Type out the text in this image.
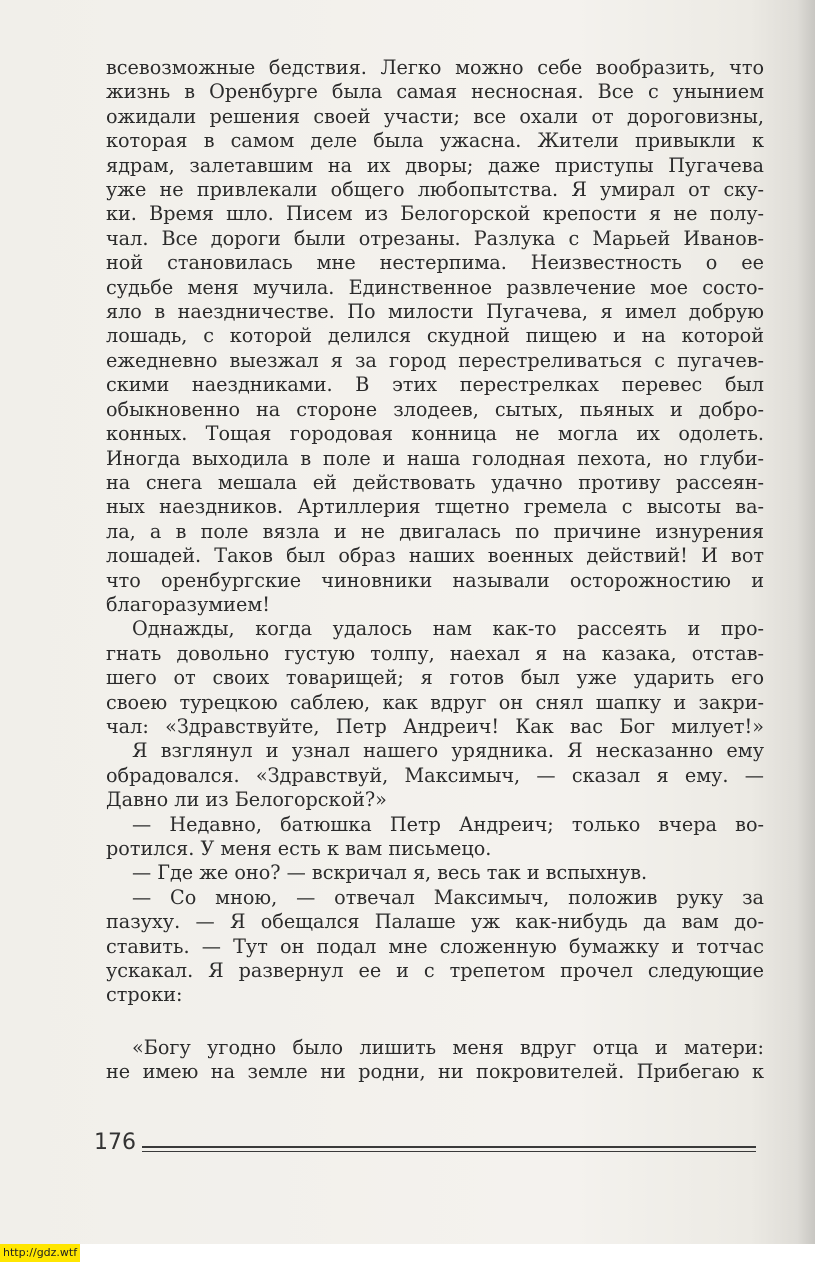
всевозможные бедствия. Легко можно себе вообразить, что
жизнь в Оренбурге была самая несносная. Все с унынием
ожидали решения своей участи; все охали от дороговизны,
которая в самом деле была ужасна. Жители привыкли к
ядрам, залетавшим на их дворы; даже приступы Пугачева
уже не привлекали общего любопытства. Я умирал от ску-
ки. Время шло. Писем из Белогорской крепости я не полу-
чал. Все дороги были отрезаны. Разлука с Марьей Иванов-
ной становилась мне нестерпима. Неизвестность о ее
судьбе меня мучила. Единственное развлечение мое состо-
яло в наездничестве. По милости Пугачева, я имел добрую
лошадь, с которой делился скудной пищею и на которой
ежедневно выезжал я за город перестреливаться с пугачев-
скими наездниками. В этих перестрелках перевес был
обыкновенно на стороне злодеев, сытых, пьяных и добро-
конных. Тощая городовая конница не могла их одолеть.
Иногда выходила в поле и наша голодная пехота, но глуби-
на снега мешала ей действовать удачно противу рассеян-
ных наездников. Артиллерия тщетно гремела с высоты ва-
ла, а в поле вязла и не двигалась по причине изнурения
лошадей. Таков был образ наших военных действий! И вот
что оренбургские чиновники называли осторожностию и
благоразумием!
Однажды, когда удалось нам как-то рассеять и про-
гнать довольно густую толпу, наехал я на казака, отстав-
шего от своих товарищей; я готов был уже ударить его
своею турецкою саблею, как вдруг он снял шапку и закри-
чал: «Здравствуйте, Петр Андреич! Как вас Бог милует!»
Я взглянул и узнал нашего урядника. Я несказанно ему
обрадовался. «Здравствуй, Максимыч, — сказал я ему. —
Давно ли из Белогорской?»
— Недавно, батюшка Петр Андреич; только вчера во-
ротился. У меня есть к вам письмецо.
— Где же оно? — вскричал я, весь так и вспыхнув.
— Со мною, — отвечал Максимыч, положив руку за
пазуху. — Я обещался Палаше уж как-нибудь да вам до-
ставить. — Тут он подал мне сложенную бумажку и тотчас
ускакал. Я развернул ее и с трепетом прочел следующие
строки:
«Богу угодно было лишить меня вдруг отца и матери:
не имею на земле ни родни, ни покровителей. Прибегаю к
176
http://gdz.wtf
